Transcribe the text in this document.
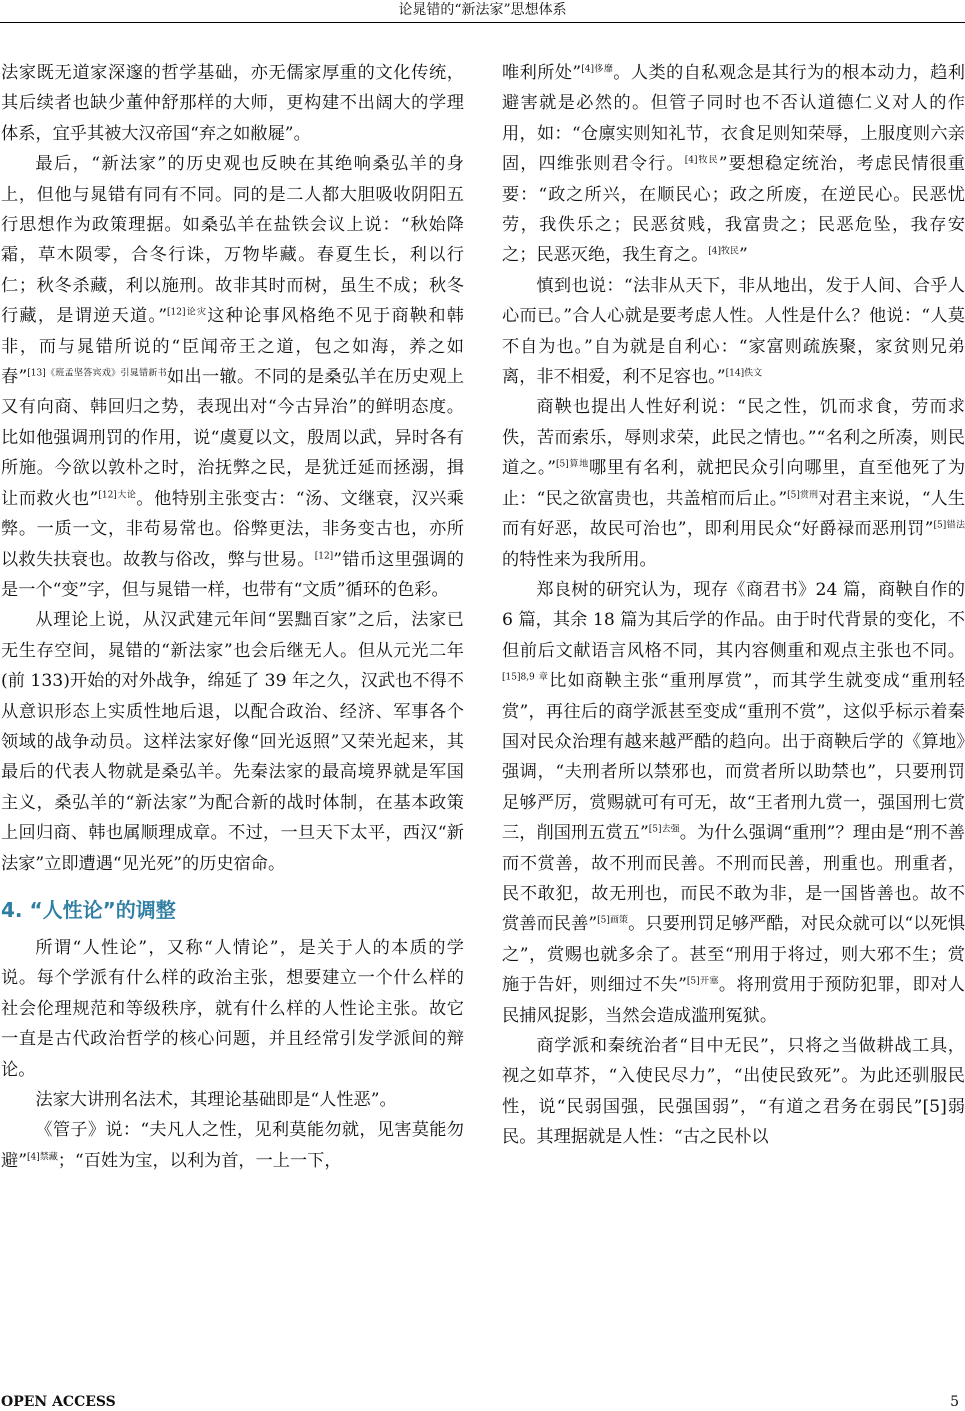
论晁错的“新法家”思想体系

法家既无道家深邃的哲学基础，亦无儒家厚重的文化传统，其后续者也缺少董仲舒那样的大师，更构建不出阔大的学理体系，宜乎其被大汉帝国“弃之如敝屣”。

最后，“新法家”的历史观也反映在其绝响桑弘羊的身上，但他与晁错有同有不同。同的是二人都大胆吸收阴阳五行思想作为政策理据。如桑弘羊在盐铁会议上说：“秋始降霜，草木陨零，合冬行诛，万物毕藏。春夏生长，利以行仁；秋冬杀藏，利以施刑。故非其时而树，虽生不成；秋冬行藏，是谓逆天道。”$^{[12]论灾}$这种论事风格绝不见于商鞅和韩非，而与晁错所说的“臣闻帝王之道，包之如海，养之如春”$^{[13]《班孟坚答宾戏》引晁错新书}$如出一辙。不同的是桑弘羊在历史观上又有向商、韩回归之势，表现出对“今古异治”的鲜明态度。比如他强调刑罚的作用，说“虞夏以文，殷周以武，异时各有所施。今欲以敦朴之时，治抚弊之民，是犹迁延而拯溺，揖让而救火也”$^{[12]大论}$。他特别主张变古：“汤、文继衰，汉兴乘弊。一质一文，非苟易常也。俗弊更法，非务变古也，亦所以救失扶衰也。故教与俗改，弊与世易。[12]”错币这里强调的是一个“变”字，但与晁错一样，也带有“文质”循环的色彩。

从理论上说，从汉武建元年间“罢黜百家”之后，法家已无生存空间，晁错的“新法家”也会后继无人。但从元光二年(前 133)开始的对外战争，绵延了 39 年之久，汉武也不得不从意识形态上实质性地后退，以配合政治、经济、军事各个领域的战争动员。这样法家好像“回光返照”又荣光起来，其最后的代表人物就是桑弘羊。先秦法家的最高境界就是军国主义，桑弘羊的“新法家”为配合新的战时体制，在基本政策上回归商、韩也属顺理成章。不过，一旦天下太平，西汉“新法家”立即遭遇“见光死”的历史宿命。

4. “人性论”的调整

所谓“人性论”，又称“人情论”，是关于人的本质的学说。每个学派有什么样的政治主张，想要建立一个什么样的社会伦理规范和等级秩序，就有什么样的人性论主张。故它一直是古代政治哲学的核心问题，并且经常引发学派间的辩论。

法家大讲刑名法术，其理论基础即是“人性恶”。

《管子》说：“夫凡人之性，见利莫能勿就，见害莫能勿避”$^{[4]禁藏}$；“百姓为宝，以利为首，一上一下，

唯利所处”$^{[4]侈靡}$。人类的自私观念是其行为的根本动力，趋利避害就是必然的。但管子同时也不否认道德仁义对人的作用，如：“仓廪实则知礼节，衣食足则知荣辱，上服度则六亲固，四维张则君令行。$^{[4]牧民}$”要想稳定统治，考虑民情很重要：“政之所兴，在顺民心；政之所废，在逆民心。民恶忧劳，我佚乐之；民恶贫贱，我富贵之；民恶危坠，我存安之；民恶灭绝，我生育之。$^{[4]牧民}$”

慎到也说：“法非从天下，非从地出，发于人间、合乎人心而已。”合人心就是要考虑人性。人性是什么？他说：“人莫不自为也。”自为就是自利心：“家富则疏族聚，家贫则兄弟离，非不相爱，利不足容也。”$^{[14]佚文}$

商鞅也提出人性好利说：“民之性，饥而求食，劳而求佚，苦而索乐，辱则求荣，此民之情也。”“名利之所凑，则民道之。”$^{[5]算地}$哪里有名利，就把民众引向哪里，直至他死了为止：“民之欲富贵也，共盖棺而后止。”$^{[5]赏刑}$对君主来说，“人生而有好恶，故民可治也”，即利用民众“好爵禄而恶刑罚”$^{[5]错法}$的特性来为我所用。

郑良树的研究认为，现存《商君书》24 篇，商鞅自作的 6 篇，其余 18 篇为其后学的作品。由于时代背景的变化，不但前后文献语言风格不同，其内容侧重和观点主张也不同。$^{[15]8,9 章}$比如商鞅主张“重刑厚赏”，而其学生就变成“重刑轻赏”，再往后的商学派甚至变成“重刑不赏”，这似乎标示着秦国对民众治理有越来越严酷的趋向。出于商鞅后学的《算地》强调，“夫刑者所以禁邪也，而赏者所以助禁也”，只要刑罚足够严厉，赏赐就可有可无，故“王者刑九赏一，强国刑七赏三，削国刑五赏五”$^{[5]去强}$。为什么强调“重刑”？理由是“刑不善而不赏善，故不刑而民善。不刑而民善，刑重也。刑重者，民不敢犯，故无刑也，而民不敢为非，是一国皆善也。故不赏善而民善”$^{[5]画策}$。只要刑罚足够严酷，对民众就可以“以死惧之”，赏赐也就多余了。甚至“刑用于将过，则大邪不生；赏施于告奸，则细过不失”$^{[5]开塞}$。将刑赏用于预防犯罪，即对人民捕风捉影，当然会造成滥刑冤狱。

商学派和秦统治者“目中无民”，只将之当做耕战工具，视之如草芥，“入使民尽力”，“出使民致死”。为此还驯服民性，说“民弱国强，民强国弱”，“有道之君务在弱民”[5]弱民。其理据就是人性：“古之民朴以

OPEN ACCESS	5
